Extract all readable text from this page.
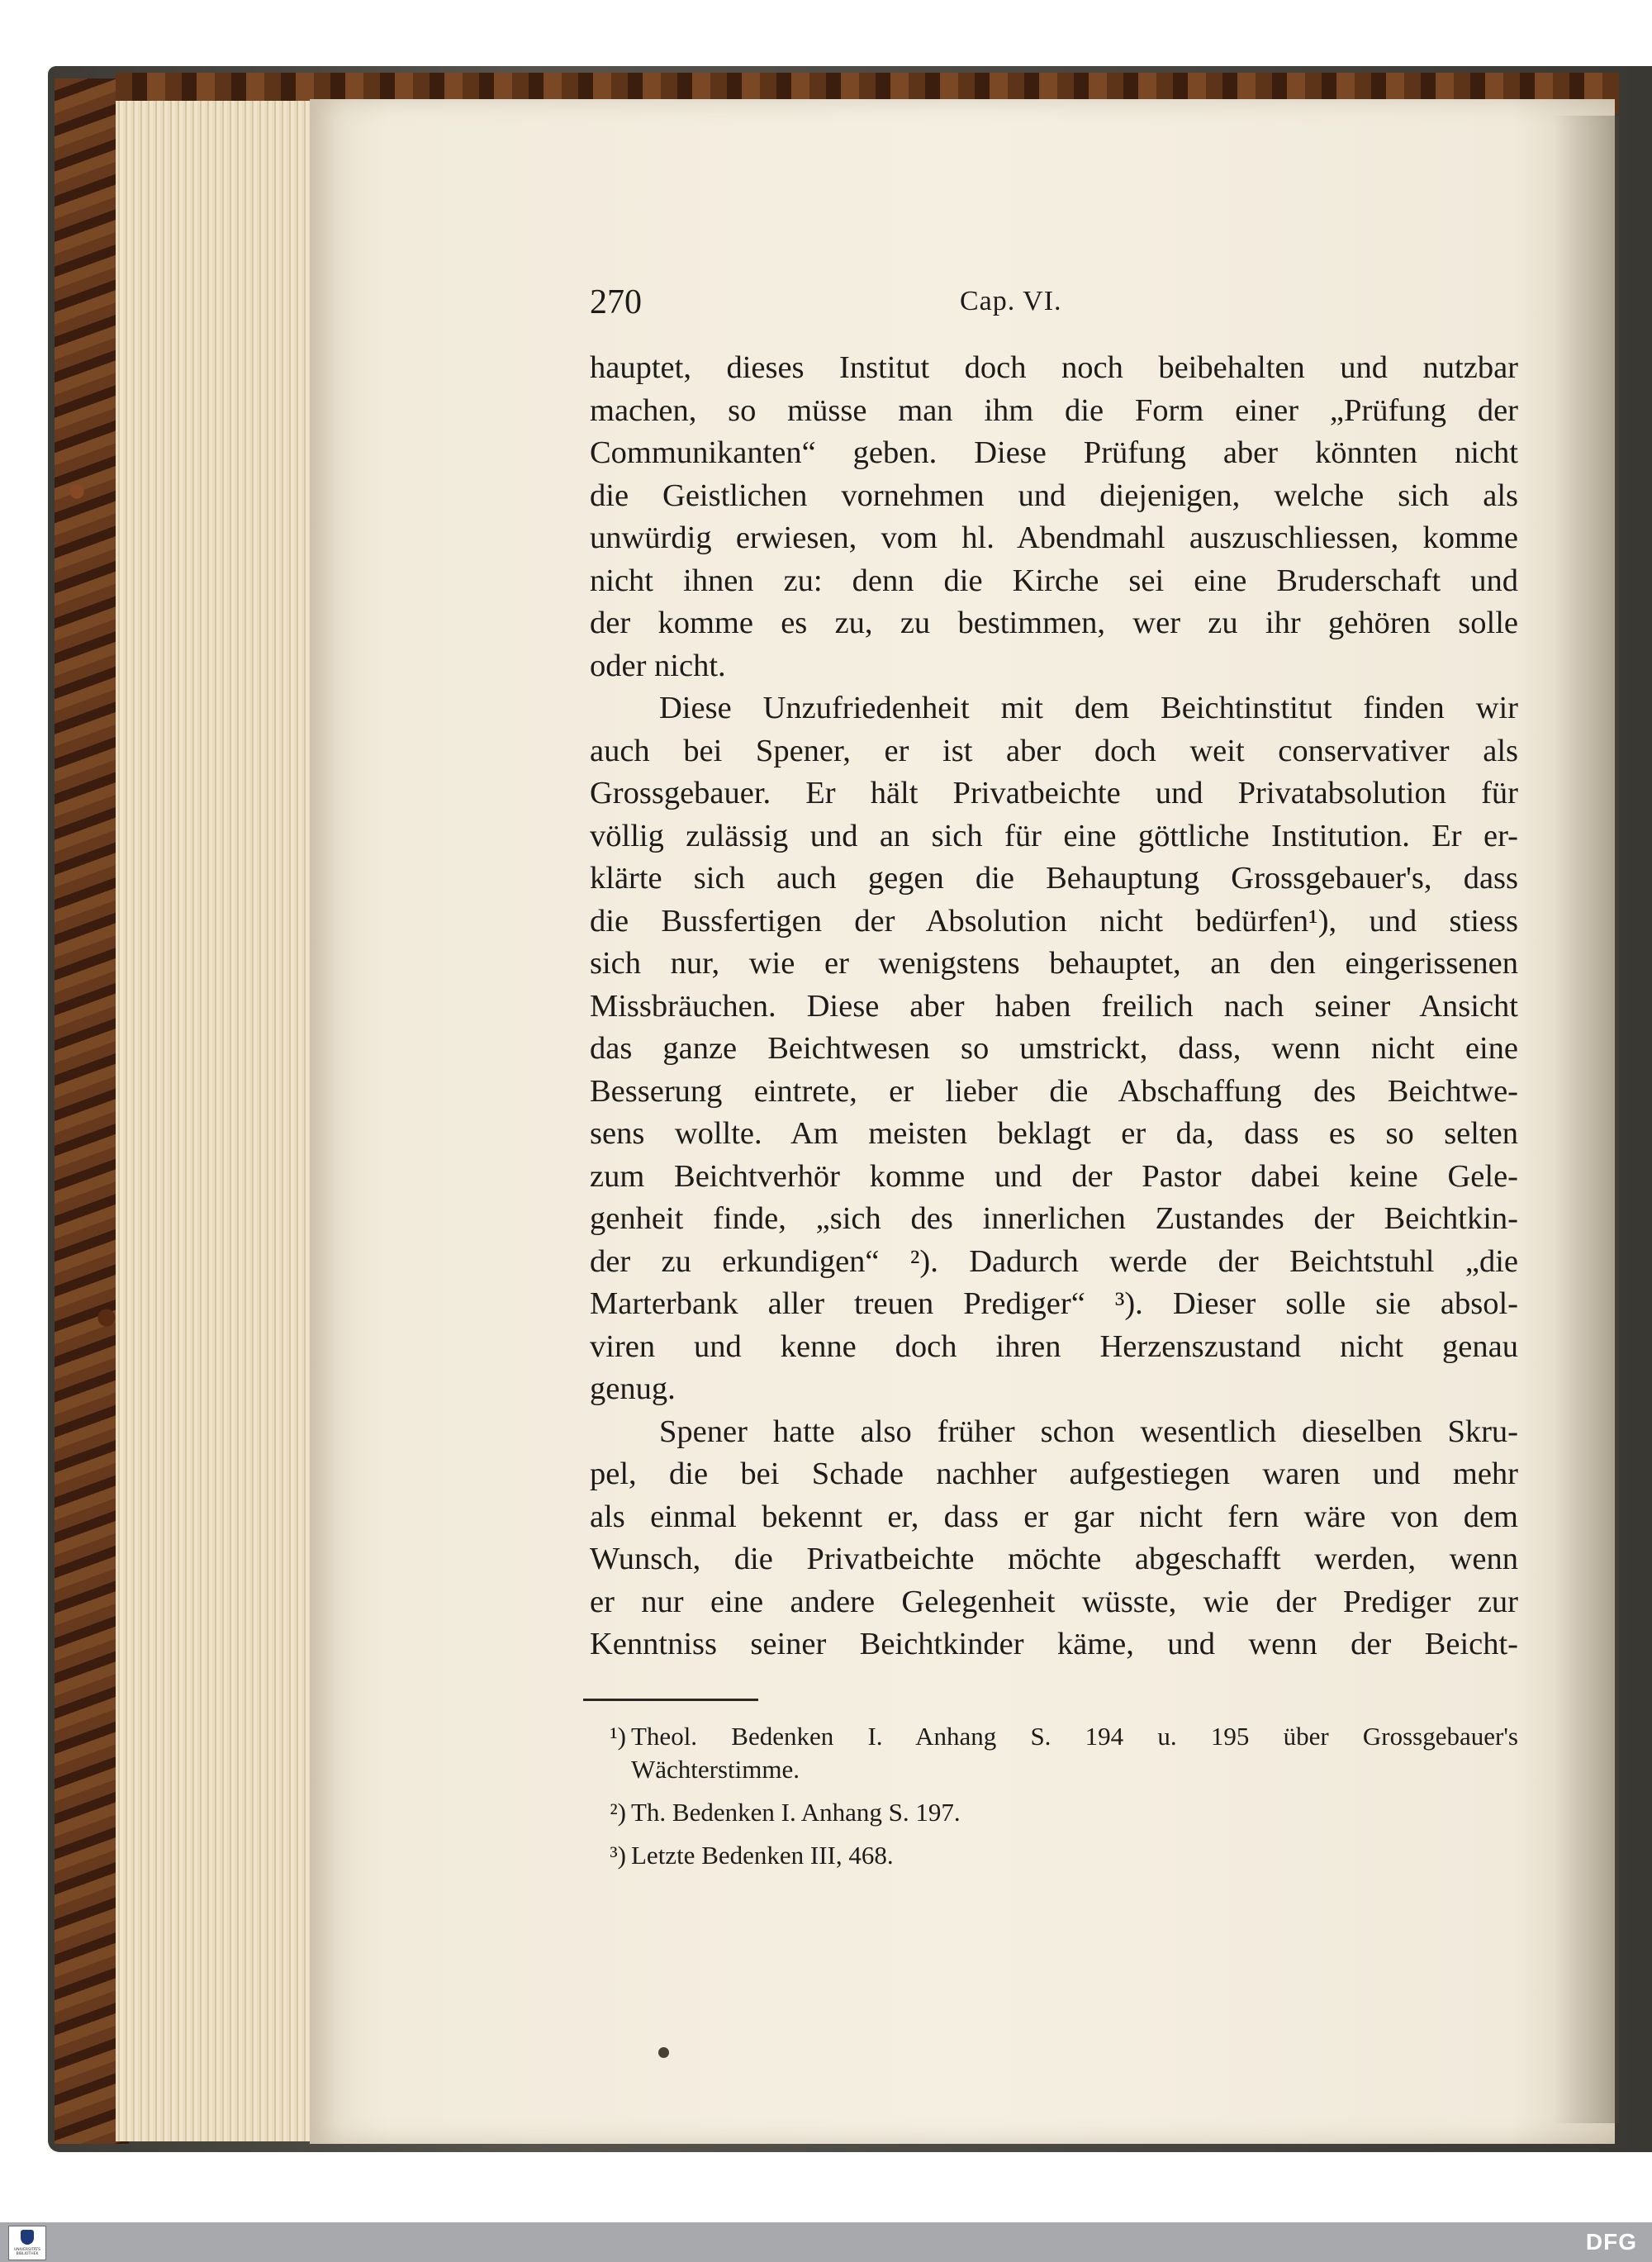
270	Cap. VI.
hauptet, dieses Institut doch noch beibehalten und nutzbar
machen, so müsse man ihm die Form einer „Prüfung der
Communikanten“ geben. Diese Prüfung aber könnten nicht
die Geistlichen vornehmen und diejenigen, welche sich als
unwürdig erwiesen, vom hl. Abendmahl auszuschliessen, komme
nicht ihnen zu: denn die Kirche sei eine Bruderschaft und
der komme es zu, zu bestimmen, wer zu ihr gehören solle
oder nicht.
Diese Unzufriedenheit mit dem Beichtinstitut finden wir
auch bei Spener, er ist aber doch weit conservativer als
Grossgebauer. Er hält Privatbeichte und Privatabsolution für
völlig zulässig und an sich für eine göttliche Institution. Er er-
klärte sich auch gegen die Behauptung Grossgebauer's, dass
die Bussfertigen der Absolution nicht bedürfen¹), und stiess
sich nur, wie er wenigstens behauptet, an den eingerissenen
Missbräuchen. Diese aber haben freilich nach seiner Ansicht
das ganze Beichtwesen so umstrickt, dass, wenn nicht eine
Besserung eintrete, er lieber die Abschaffung des Beichtwe-
sens wollte. Am meisten beklagt er da, dass es so selten
zum Beichtverhör komme und der Pastor dabei keine Gele-
genheit finde, „sich des innerlichen Zustandes der Beichtkin-
der zu erkundigen“ ²). Dadurch werde der Beichtstuhl „die
Marterbank aller treuen Prediger“ ³). Dieser solle sie absol-
viren und kenne doch ihren Herzenszustand nicht genau
genug.
Spener hatte also früher schon wesentlich dieselben Skru-
pel, die bei Schade nachher aufgestiegen waren und mehr
als einmal bekennt er, dass er gar nicht fern wäre von dem
Wunsch, die Privatbeichte möchte abgeschafft werden, wenn
er nur eine andere Gelegenheit wüsste, wie der Prediger zur
Kenntniss seiner Beichtkinder käme, und wenn der Beicht-
¹) Theol. Bedenken I. Anhang S. 194 u. 195 über Grossgebauer's
Wächterstimme.
²) Th. Bedenken I. Anhang S. 197.
³) Letzte Bedenken III, 468.
UNIVERSITÄTS BIBLIOTHEK	DFG
